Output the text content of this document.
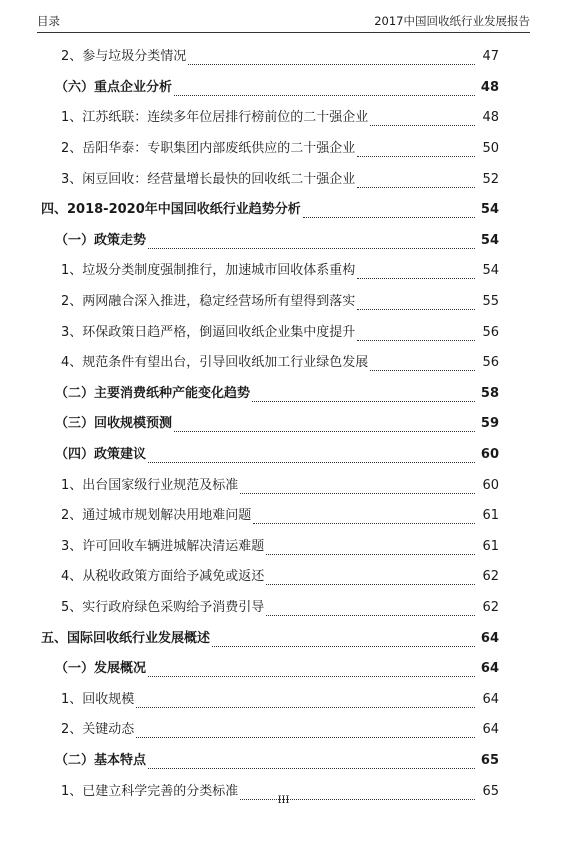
目录	2017中国回收纸行业发展报告
2、参与垃圾分类情况	47
（六）重点企业分析	48
1、江苏纸联：连续多年位居排行榜前位的二十强企业	48
2、岳阳华泰：专职集团内部废纸供应的二十强企业	50
3、闲豆回收：经营量增长最快的回收纸二十强企业	52
四、2018-2020年中国回收纸行业趋势分析	54
（一）政策走势	54
1、垃圾分类制度强制推行，加速城市回收体系重构	54
2、两网融合深入推进，稳定经营场所有望得到落实	55
3、环保政策日趋严格，倒逼回收纸企业集中度提升	56
4、规范条件有望出台，引导回收纸加工行业绿色发展	56
（二）主要消费纸种产能变化趋势	58
（三）回收规模预测	59
（四）政策建议	60
1、出台国家级行业规范及标准	60
2、通过城市规划解决用地难问题	61
3、许可回收车辆进城解决清运难题	61
4、从税收政策方面给予减免或返还	62
5、实行政府绿色采购给予消费引导	62
五、国际回收纸行业发展概述	64
（一）发展概况	64
1、回收规模	64
2、关键动态	64
（二）基本特点	65
1、已建立科学完善的分类标准	65
III
